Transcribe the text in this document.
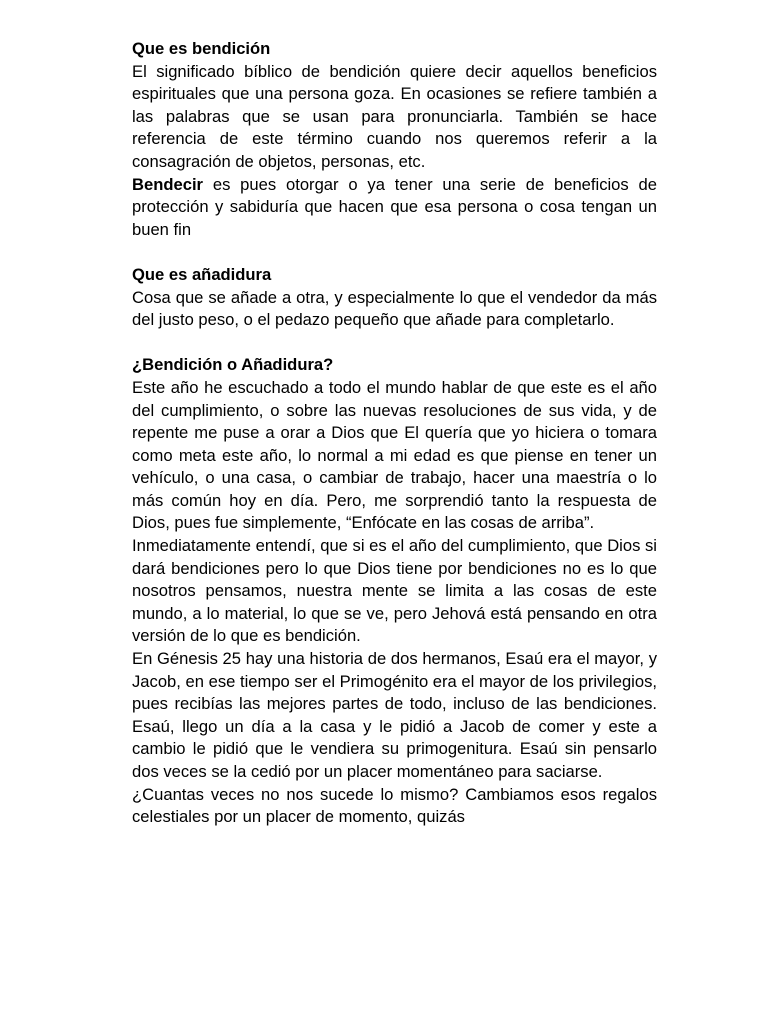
Que es bendición

El significado bíblico de bendición quiere decir aquellos beneficios espirituales que una persona goza. En ocasiones se refiere también a las palabras que se usan para pronunciarla. También se hace referencia de este término cuando nos queremos referir a la consagración de objetos, personas, etc.

Bendecir es pues otorgar o ya tener una serie de beneficios de protección y sabiduría que hacen que esa persona o cosa tengan un buen fin

Que es añadidura

Cosa que se añade a otra, y especialmente lo que el vendedor da más del justo peso, o el pedazo pequeño que añade para completarlo.

¿Bendición o Añadidura?

Este año he escuchado a todo el mundo hablar de que este es el año del cumplimiento, o sobre las nuevas resoluciones de sus vida, y de repente me puse a orar a Dios que El quería que yo hiciera o tomara como meta este año, lo normal a mi edad es que piense en tener un vehículo, o una casa, o cambiar de trabajo, hacer una maestría o lo más común hoy en día. Pero, me sorprendió tanto la respuesta de Dios, pues fue simplemente, “Enfócate en las cosas de arriba”.

Inmediatamente entendí, que si es el año del cumplimiento, que Dios si dará bendiciones pero lo que Dios tiene por bendiciones no es lo que nosotros pensamos, nuestra mente se limita a las cosas de este mundo, a lo material, lo que se ve, pero Jehová está pensando en otra versión de lo que es bendición.

En Génesis 25 hay una historia de dos hermanos, Esaú era el mayor, y Jacob, en ese tiempo ser el Primogénito era el mayor de los privilegios, pues recibías las mejores partes de todo, incluso de las bendiciones. Esaú, llego un día a la casa y le pidió a Jacob de comer y este a cambio le pidió que le vendiera su primogenitura. Esaú sin pensarlo dos veces se la cedió por un placer momentáneo para saciarse.

¿Cuantas veces no nos sucede lo mismo? Cambiamos esos regalos celestiales por un placer de momento, quizás
